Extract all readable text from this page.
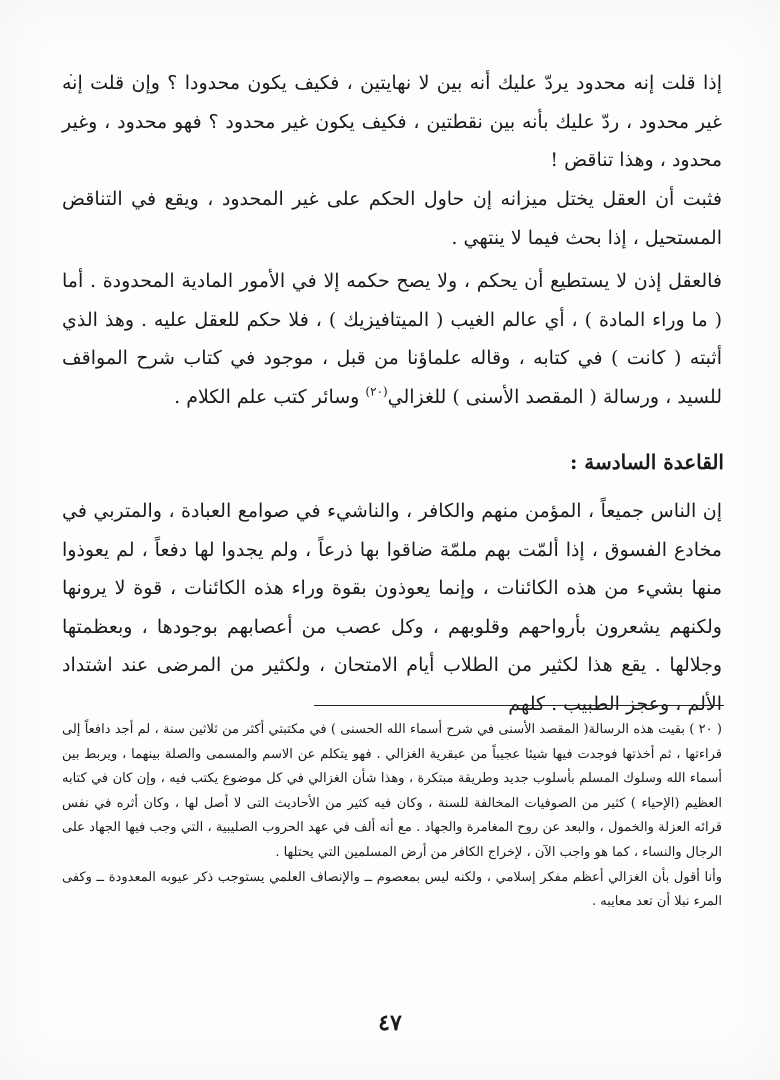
إذا قلت إنه محدود يردّ عليك أنه بين لا نهايتين ، فكيف يكون محدودا ؟ وإن قلت إنه غير محدود ، ردّ عليك بأنه بين نقطتين ، فكيف يكون غير محدود ؟ فهو محدود ، وغير محدود ، وهذا تناقض !

فثبت أن العقل يختل ميزانه إن حاول الحكم على غير المحدود ، ويقع في التناقض المستحيل ، إذا بحث فيما لا ينتهي .

فالعقل إذن لا يستطيع أن يحكم ، ولا يصح حكمه إلا في الأمور المادية المحدودة . أما ( ما وراء المادة ) ، أي عالم الغيب ( الميتافيزيك ) ، فلا حكم للعقل عليه . وهذ الذي أثبته ( كانت ) في كتابه ، وقاله علماؤنا من قبل ، موجود في كتاب شرح المواقف للسيد ، ورسالة ( المقصد الأسنى ) للغزالي$^{(٢٠)}$ وسائر كتب علم الكلام .

القاعدة السادسة :

إن الناس جميعاً ، المؤمن منهم والكافر ، والناشيء في صوامع العبادة ، والمتربي في مخادع الفسوق ، إذا ألمّت بهم ملمّة ضاقوا بها ذرعاً ، ولم يجدوا لها دفعاً ، لم يعوذوا منها بشيء من هذه الكائنات ، وإنما يعوذون بقوة وراء هذه الكائنات ، قوة لا يرونها ولكنهم يشعرون بأرواحهم وقلوبهم ، وكل عصب من أعصابهم بوجودها ، وبعظمتها وجلالها . يقع هذا لكثير من الطلاب أيام الامتحان ، ولكثير من المرضى عند اشتداد الألم ، وعجز الطبيب . كلهم

( ٢٠ ) بقيت هذه الرسالة( المقصد الأسنى في شرح أسماء الله الحسنى ) في مكتبتي أكثر من ثلاثين سنة ، لم أجد دافعاً إلى قراءتها ، ثم أخذتها فوجدت فيها شيئا عجيباً من عبقرية الغزالي . فهو يتكلم عن الاسم والمسمى والصلة بينهما ، ويربط بين أسماء الله وسلوك المسلم بأسلوب جديد وطريقة مبتكرة ، وهذا شأن الغزالي في كل موضوع يكتب فيه ، وإن كان في كتابه العظيم (الإحياء ) كثير من الصوفيات المخالفة للسنة ، وكان فيه كثير من الأحاديث التى لا أصل لها ، وكان أثره في نفس قرائه العزلة والخمول ، والبعد عن روح المغامرة والجهاد . مع أنه ألف في عهد الحروب الصليبية ، التي وجب فيها الجهاد على الرجال والنساء ، كما هو واجب الآن ، لإخراج الكافر من أرض المسلمين التي يحتلها .
وأنا أقول بأن الغزالي أعظم مفكر إسلامي ، ولكنه ليس بمعصوم ــ والإنصاف العلمي يستوجب ذكر عيوبه المعدودة ــ وكفى المرء نبلا أن تعد معايبه .
٤٧
